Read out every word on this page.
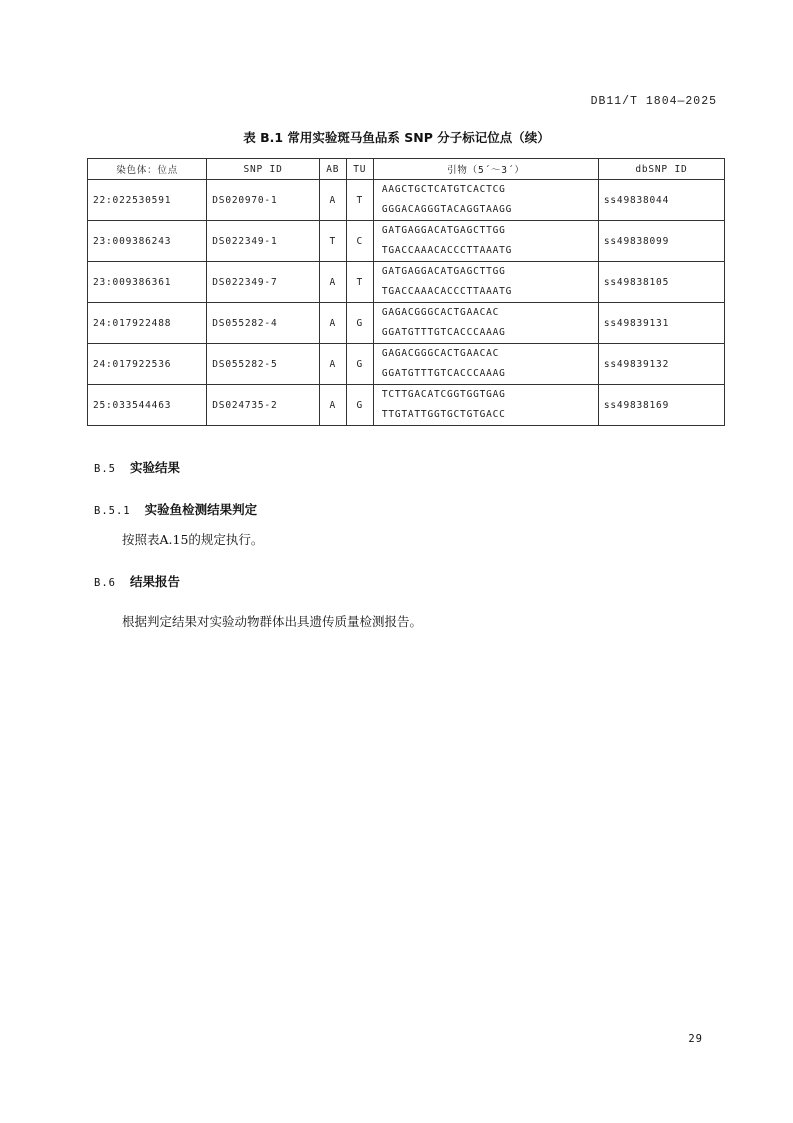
DB11/T 1804—2025
表 B.1 常用实验斑马鱼品系 SNP 分子标记位点（续）
染色体：位点	SNP ID	AB	TU	引物（5´～3´）	dbSNP ID
22:022530591	DS020970-1	A	T	AAGCTGCTCATGTCACTCG
GGGACAGGGTACAGGTAAGG	ss49838044
23:009386243	DS022349-1	T	C	GATGAGGACATGAGCTTGG
TGACCAAACACCCTTAAATG	ss49838099
23:009386361	DS022349-7	A	T	GATGAGGACATGAGCTTGG
TGACCAAACACCCTTAAATG	ss49838105
24:017922488	DS055282-4	A	G	GAGACGGGCACTGAACAC
GGATGTTTGTCACCCAAAG	ss49839131
24:017922536	DS055282-5	A	G	GAGACGGGCACTGAACAC
GGATGTTTGTCACCCAAAG	ss49839132
25:033544463	DS024735-2	A	G	TCTTGACATCGGTGGTGAG
TTGTATTGGTGCTGTGACC	ss49838169
B.5 实验结果
B.5.1 实验鱼检测结果判定
按照表A.15的规定执行。
B.6 结果报告
根据判定结果对实验动物群体出具遗传质量检测报告。
29
